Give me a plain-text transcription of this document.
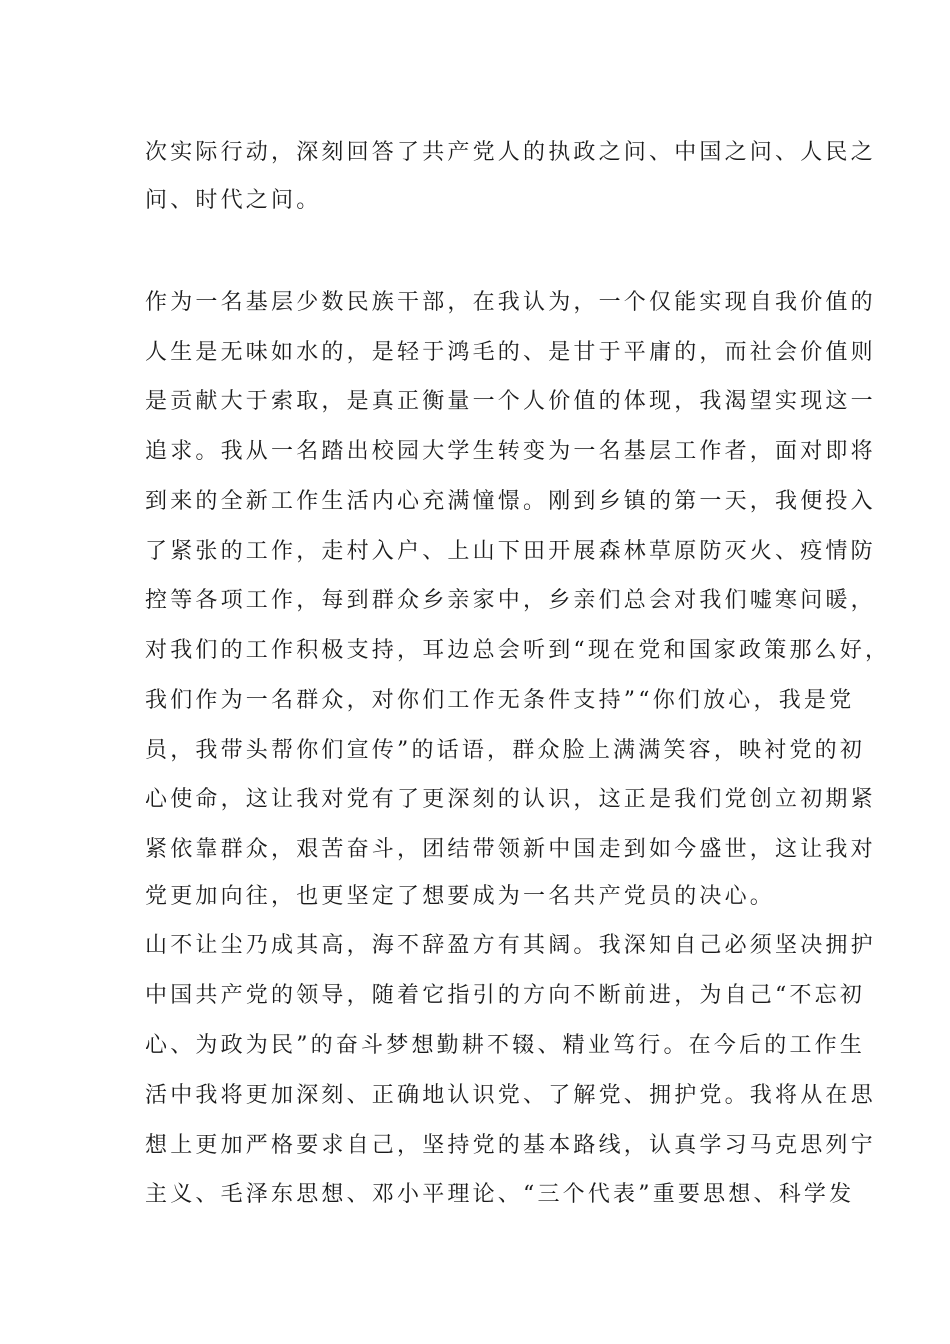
次实际行动，深刻回答了共产党人的执政之问、中国之问、人民之
问、时代之问。
作为一名基层少数民族干部，在我认为，一个仅能实现自我价值的
人生是无味如水的，是轻于鸿毛的、是甘于平庸的，而社会价值则
是贡献大于索取，是真正衡量一个人价值的体现，我渴望实现这一
追求。我从一名踏出校园大学生转变为一名基层工作者，面对即将
到来的全新工作生活内心充满憧憬。刚到乡镇的第一天，我便投入
了紧张的工作，走村入户、上山下田开展森林草原防灭火、疫情防
控等各项工作，每到群众乡亲家中，乡亲们总会对我们嘘寒问暖，
对我们的工作积极支持，耳边总会听到“现在党和国家政策那么好，
我们作为一名群众，对你们工作无条件支持”“你们放心，我是党
员，我带头帮你们宣传”的话语，群众脸上满满笑容，映衬党的初
心使命，这让我对党有了更深刻的认识，这正是我们党创立初期紧
紧依靠群众，艰苦奋斗，团结带领新中国走到如今盛世，这让我对
党更加向往，也更坚定了想要成为一名共产党员的决心。
山不让尘乃成其高，海不辞盈方有其阔。我深知自己必须坚决拥护
中国共产党的领导，随着它指引的方向不断前进，为自己“不忘初
心、为政为民”的奋斗梦想勤耕不辍、精业笃行。在今后的工作生
活中我将更加深刻、正确地认识党、了解党、拥护党。我将从在思
想上更加严格要求自己，坚持党的基本路线，认真学习马克思列宁
主义、毛泽东思想、邓小平理论、“三个代表”重要思想、科学发
